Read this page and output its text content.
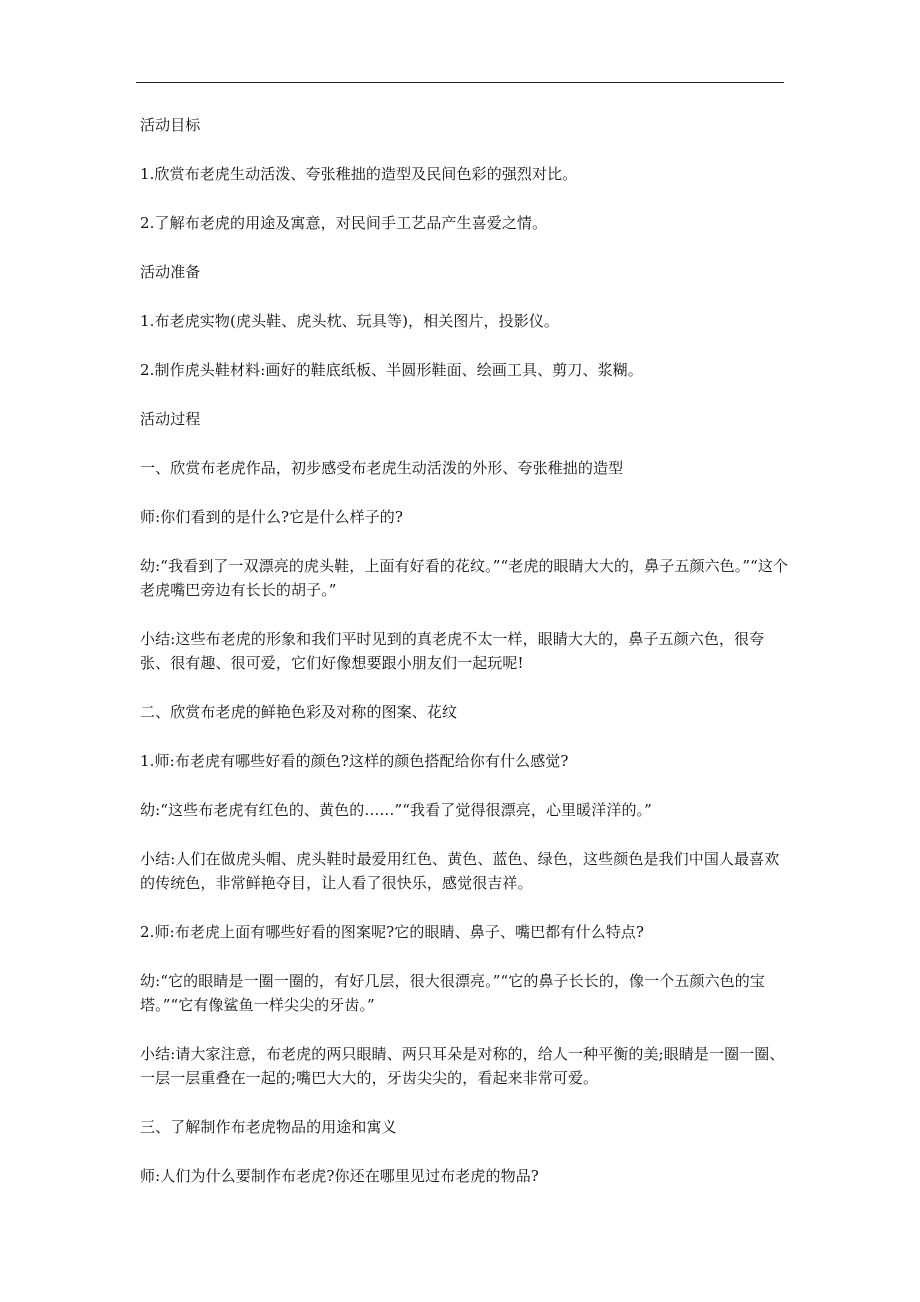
活动目标

1.欣赏布老虎生动活泼、夸张稚拙的造型及民间色彩的强烈对比。

2.了解布老虎的用途及寓意，对民间手工艺品产生喜爱之情。

活动准备

1.布老虎实物(虎头鞋、虎头枕、玩具等)，相关图片，投影仪。

2.制作虎头鞋材料:画好的鞋底纸板、半圆形鞋面、绘画工具、剪刀、浆糊。

活动过程

一、欣赏布老虎作品，初步感受布老虎生动活泼的外形、夸张稚拙的造型

师:你们看到的是什么?它是什么样子的?

幼:“我看到了一双漂亮的虎头鞋，上面有好看的花纹。”“老虎的眼睛大大的，鼻子五颜六色。”“这个老虎嘴巴旁边有长长的胡子。”

小结:这些布老虎的形象和我们平时见到的真老虎不太一样，眼睛大大的，鼻子五颜六色，很夸张、很有趣、很可爱，它们好像想要跟小朋友们一起玩呢!

二、欣赏布老虎的鲜艳色彩及对称的图案、花纹

1.师:布老虎有哪些好看的颜色?这样的颜色搭配给你有什么感觉?

幼:“这些布老虎有红色的、黄色的……”“我看了觉得很漂亮，心里暖洋洋的。”

小结:人们在做虎头帽、虎头鞋时最爱用红色、黄色、蓝色、绿色，这些颜色是我们中国人最喜欢的传统色，非常鲜艳夺目，让人看了很快乐，感觉很吉祥。

2.师:布老虎上面有哪些好看的图案呢?它的眼睛、鼻子、嘴巴都有什么特点?

幼:“它的眼睛是一圈一圈的，有好几层，很大很漂亮。”“它的鼻子长长的，像一个五颜六色的宝塔。”“它有像鲨鱼一样尖尖的牙齿。”

小结:请大家注意，布老虎的两只眼睛、两只耳朵是对称的，给人一种平衡的美;眼睛是一圈一圈、一层一层重叠在一起的;嘴巴大大的，牙齿尖尖的，看起来非常可爱。

三、了解制作布老虎物品的用途和寓义

师:人们为什么要制作布老虎?你还在哪里见过布老虎的物品?
